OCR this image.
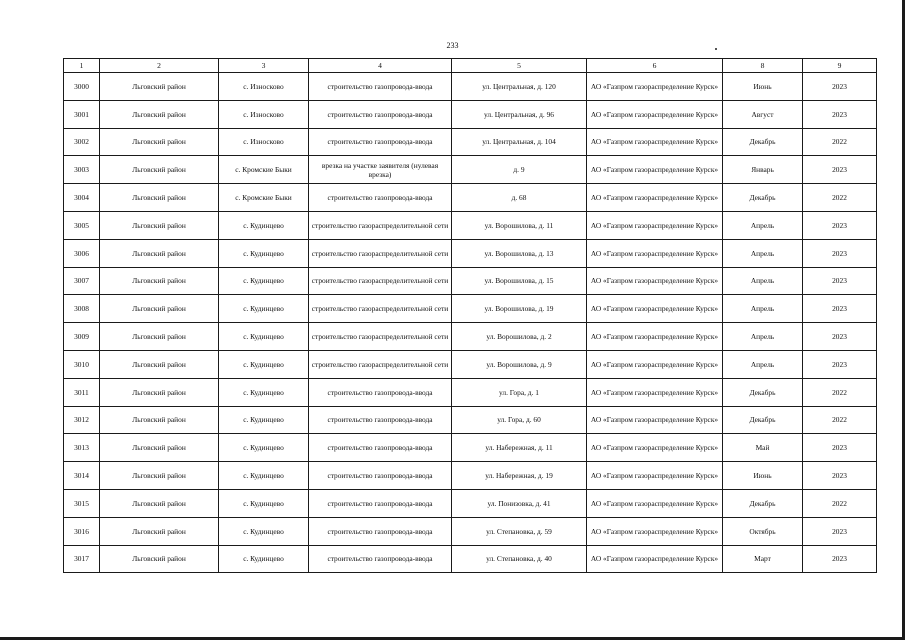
233
1	2	3	4	5	6	8	9
3000	Льговский район	с. Износково	строительство газопровода-ввода	ул. Центральная, д. 120	АО «Газпром газораспределение Курск»	Июнь	2023
3001	Льговский район	с. Износково	строительство газопровода-ввода	ул. Центральная, д. 96	АО «Газпром газораспределение Курск»	Август	2023
3002	Льговский район	с. Износково	строительство газопровода-ввода	ул. Центральная, д. 104	АО «Газпром газораспределение Курск»	Декабрь	2022
3003	Льговский район	с. Кромские Быки	врезка на участке заявителя (нулевая врезка)	д. 9	АО «Газпром газораспределение Курск»	Январь	2023
3004	Льговский район	с. Кромские Быки	строительство газопровода-ввода	д. 68	АО «Газпром газораспределение Курск»	Декабрь	2022
3005	Льговский район	с. Кудинцево	строительство газораспределительной сети	ул. Ворошилова, д. 11	АО «Газпром газораспределение Курск»	Апрель	2023
3006	Льговский район	с. Кудинцево	строительство газораспределительной сети	ул. Ворошилова, д. 13	АО «Газпром газораспределение Курск»	Апрель	2023
3007	Льговский район	с. Кудинцево	строительство газораспределительной сети	ул. Ворошилова, д. 15	АО «Газпром газораспределение Курск»	Апрель	2023
3008	Льговский район	с. Кудинцево	строительство газораспределительной сети	ул. Ворошилова, д. 19	АО «Газпром газораспределение Курск»	Апрель	2023
3009	Льговский район	с. Кудинцево	строительство газораспределительной сети	ул. Ворошилова, д. 2	АО «Газпром газораспределение Курск»	Апрель	2023
3010	Льговский район	с. Кудинцево	строительство газораспределительной сети	ул. Ворошилова, д. 9	АО «Газпром газораспределение Курск»	Апрель	2023
3011	Льговский район	с. Кудинцево	строительство газопровода-ввода	ул. Гора, д. 1	АО «Газпром газораспределение Курск»	Декабрь	2022
3012	Льговский район	с. Кудинцево	строительство газопровода-ввода	ул. Гора, д. 60	АО «Газпром газораспределение Курск»	Декабрь	2022
3013	Льговский район	с. Кудинцево	строительство газопровода-ввода	ул. Набережная, д. 11	АО «Газпром газораспределение Курск»	Май	2023
3014	Льговский район	с. Кудинцево	строительство газопровода-ввода	ул. Набережная, д. 19	АО «Газпром газораспределение Курск»	Июнь	2023
3015	Льговский район	с. Кудинцево	строительство газопровода-ввода	ул. Понизовка, д. 41	АО «Газпром газораспределение Курск»	Декабрь	2022
3016	Льговский район	с. Кудинцево	строительство газопровода-ввода	ул. Степановка, д. 59	АО «Газпром газораспределение Курск»	Октябрь	2023
3017	Льговский район	с. Кудинцево	строительство газопровода-ввода	ул. Степановка, д. 40	АО «Газпром газораспределение Курск»	Март	2023
